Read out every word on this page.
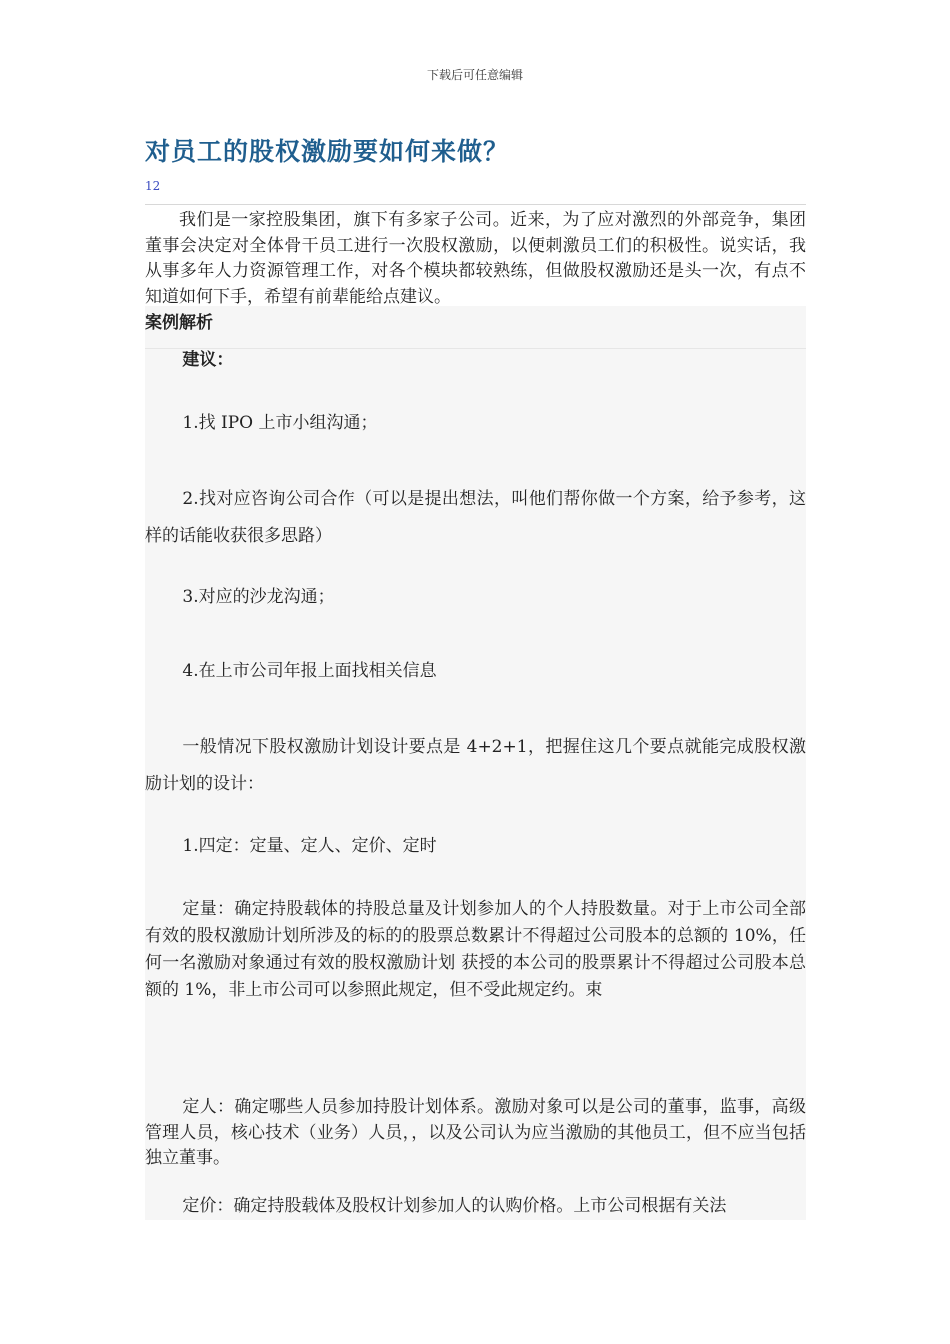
下载后可任意编辑
对员工的股权激励要如何来做？
12

我们是一家控股集团，旗下有多家子公司。近来，为了应对激烈的外部竞争，集团董事会决定对全体骨干员工进行一次股权激励，以便刺激员工们的积极性。说实话，我从事多年人力资源管理工作，对各个模块都较熟练，但做股权激励还是头一次，有点不知道如何下手，希望有前辈能给点建议。

案例解析

建议：

1.找 IPO 上市小组沟通；

2.找对应咨询公司合作（可以是提出想法，叫他们帮你做一个方案，给予参考，这样的话能收获很多思路）

3.对应的沙龙沟通；

4.在上市公司年报上面找相关信息

一般情况下股权激励计划设计要点是 4+2+1，把握住这几个要点就能完成股权激励计划的设计：

1.四定：定量、定人、定价、定时

定量：确定持股载体的持股总量及计划参加人的个人持股数量。对于上市公司全部有效的股权激励计划所涉及的标的的股票总数累计不得超过公司股本的总额的 10%，任何一名激励对象通过有效的股权激励计划 获授的本公司的股票累计不得超过公司股本总额的 1%，非上市公司可以参照此规定，但不受此规定约。束

定人：确定哪些人员参加持股计划体系。激励对象可以是公司的董事，监事，高级管理人员，核心技术（业务）人员，，以及公司认为应当激励的其他员工，但不应当包括独立董事。

定价：确定持股载体及股权计划参加人的认购价格。上市公司根据有关法
